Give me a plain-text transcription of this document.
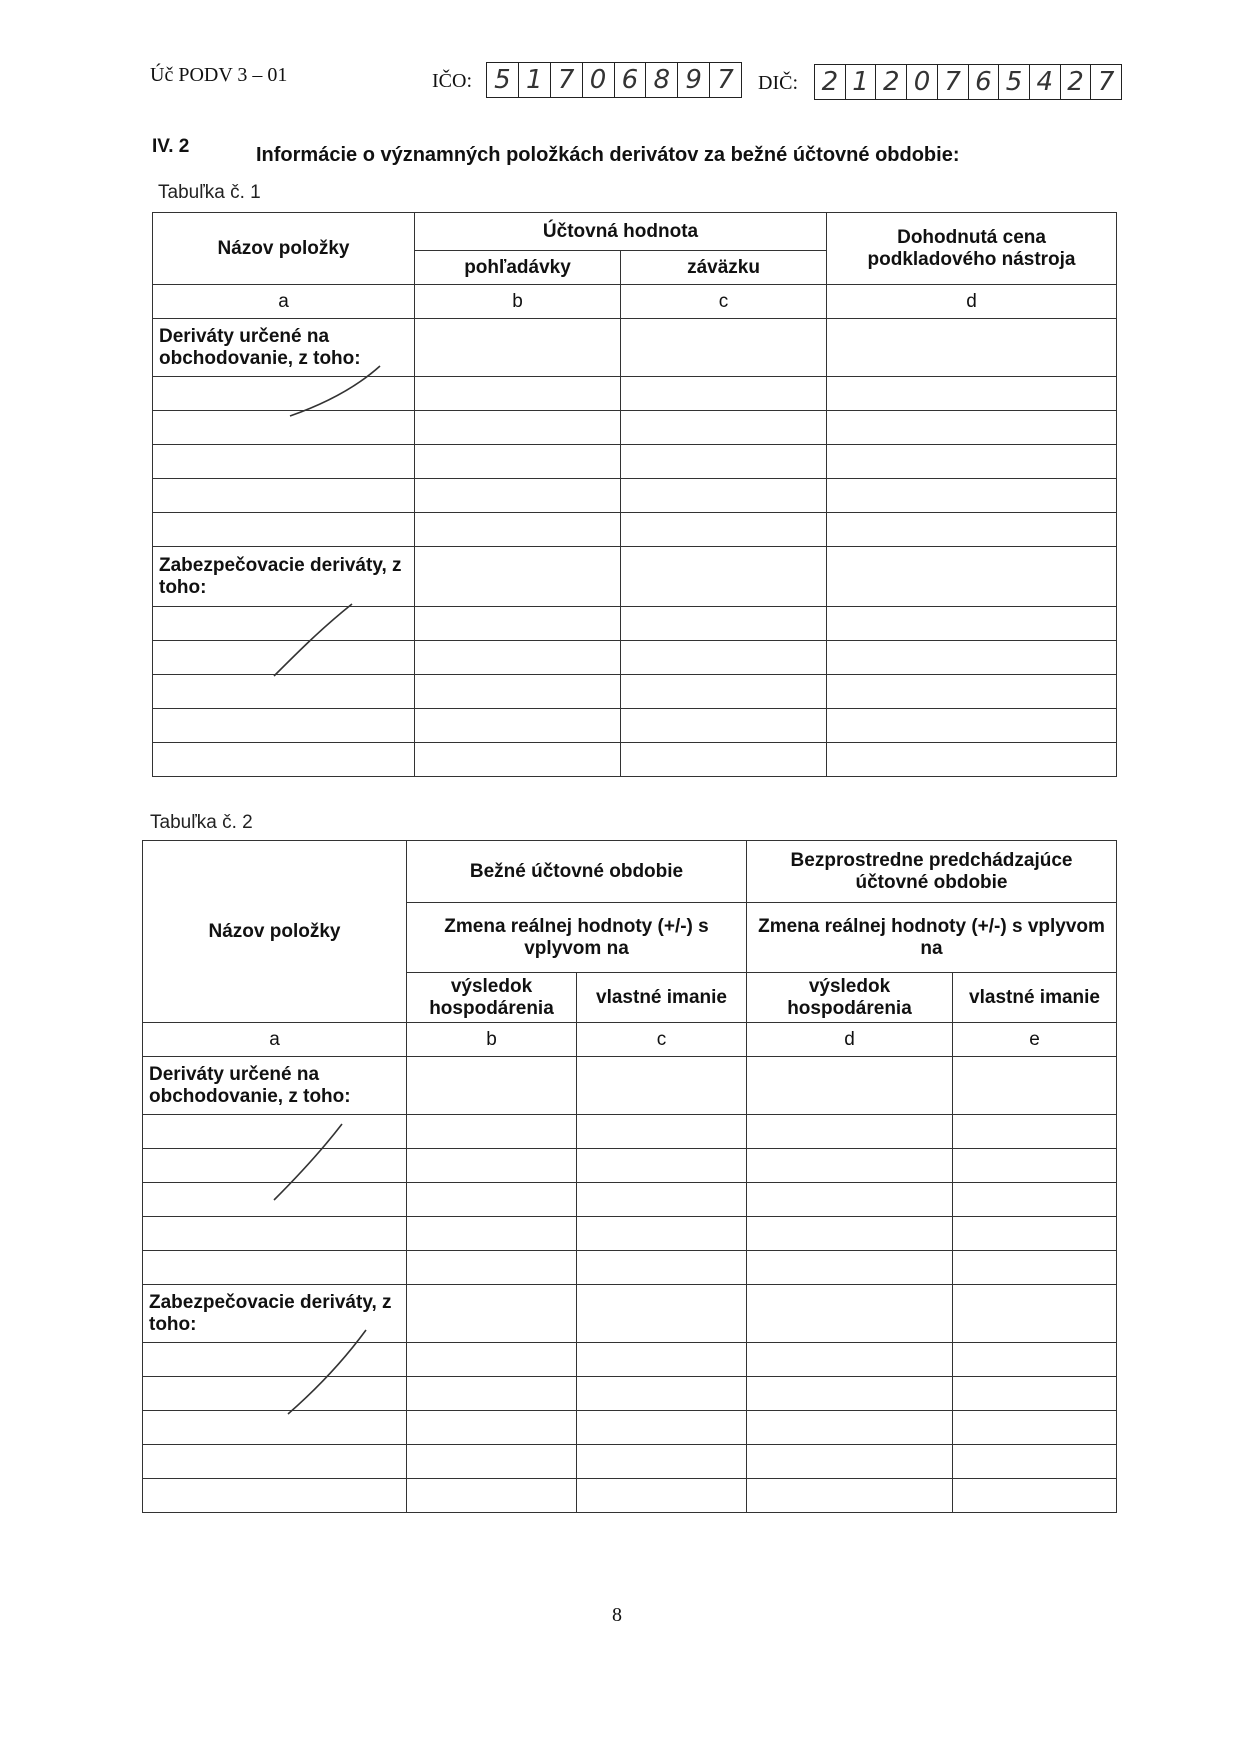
Úč PODV 3 – 01	IČO: 5 1 7 0 6 8 9 7	DIČ: 2 1 2 0 7 6 5 4 2 7
IV. 2	Informácie o významných položkách derivátov za bežné účtovné obdobie:
Tabuľka č. 1
Názov položky	Účtovná hodnota		Dohodnutá cena podkladového nástroja
	pohľadávky	záväzku	
a	b	c	d
Deriváty určené na obchodovanie, z toho:			

Zabezpečovacie deriváty, z toho:			

Tabuľka č. 2
Názov položky	Bežné účtovné obdobie		Bezprostredne predchádzajúce účtovné obdobie	
	Zmena reálnej hodnoty (+/-) s vplyvom na		Zmena reálnej hodnoty (+/-) s vplyvom na	
	výsledok hospodárenia	vlastné imanie	výsledok hospodárenia	vlastné imanie
a	b	c	d	e
Deriváty určené na obchodovanie, z toho:				

Zabezpečovacie deriváty, z toho:				

8
